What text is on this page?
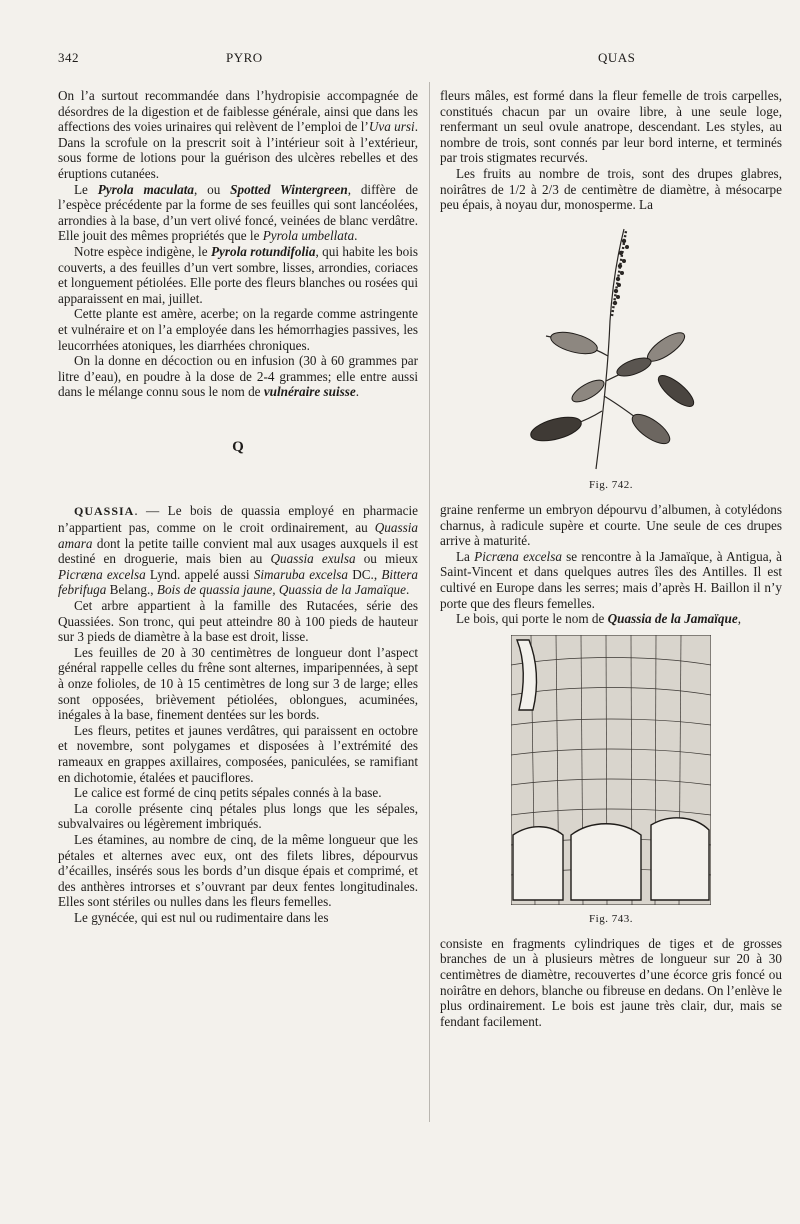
342	PYRO	QUAS

On l’a surtout recommandée dans l’hydropisie accompagnée de désordres de la digestion et de faiblesse générale, ainsi que dans les affections des voies urinaires qui relèvent de l’emploi de l’Uva ursi. Dans la scrofule on la prescrit soit à l’intérieur soit à l’extérieur, sous forme de lotions pour la guérison des ulcères rebelles et des éruptions cutanées.

Le Pyrola maculata, ou Spotted Wintergreen, diffère de l’espèce précédente par la forme de ses feuilles qui sont lancéolées, arrondies à la base, d’un vert olivé foncé, veinées de blanc verdâtre. Elle jouit des mêmes propriétés que le Pyrola umbellata.

Notre espèce indigène, le Pyrola rotundifolia, qui habite les bois couverts, a des feuilles d’un vert sombre, lisses, arrondies, coriaces et longuement pétiolées. Elle porte des fleurs blanches ou rosées qui apparaissent en mai, juillet.

Cette plante est amère, acerbe; on la regarde comme astringente et vulnéraire et on l’a employée dans les hémorrhagies passives, les leucorrhées atoniques, les diarrhées chroniques.

On la donne en décoction ou en infusion (30 à 60 grammes par litre d’eau), en poudre à la dose de 2-4 grammes; elle entre aussi dans le mélange connu sous le nom de vulnéraire suisse.

Q

QUASSIA. — Le bois de quassia employé en pharmacie n’appartient pas, comme on le croit ordinairement, au Quassia amara dont la petite taille convient mal aux usages auxquels il est destiné en droguerie, mais bien au Quassia exulsa ou mieux Picræna excelsa Lynd. appelé aussi Simaruba excelsa DC., Bittera febrifuga Belang., Bois de quassia jaune, Quassia de la Jamaïque.

Cet arbre appartient à la famille des Rutacées, série des Quassiées. Son tronc, qui peut atteindre 80 à 100 pieds de hauteur sur 3 pieds de diamètre à la base est droit, lisse.

Les feuilles de 20 à 30 centimètres de longueur dont l’aspect général rappelle celles du frêne sont alternes, imparipennées, à sept à onze folioles, de 10 à 15 centimètres de long sur 3 de large; elles sont opposées, brièvement pétiolées, oblongues, acuminées, inégales à la base, finement dentées sur les bords.

Les fleurs, petites et jaunes verdâtres, qui paraissent en octobre et novembre, sont polygames et disposées à l’extrémité des rameaux en grappes axillaires, composées, paniculées, se ramifiant en dichotomie, étalées et pauciflores.

Le calice est formé de cinq petits sépales connés à la base.

La corolle présente cinq pétales plus longs que les sépales, subvalvaires ou légèrement imbriqués.

Les étamines, au nombre de cinq, de la même longueur que les pétales et alternes avec eux, ont des filets libres, dépourvus d’écailles, insérés sous les bords d’un disque épais et comprimé, et des anthères introrses et s’ouvrant par deux fentes longitudinales. Elles sont stériles ou nulles dans les fleurs femelles.

Le gynécée, qui est nul ou rudimentaire dans les

fleurs mâles, est formé dans la fleur femelle de trois carpelles, constitués chacun par un ovaire libre, à une seule loge, renfermant un seul ovule anatrope, descendant. Les styles, au nombre de trois, sont connés par leur bord interne, et terminés par trois stigmates recurvés.

Les fruits au nombre de trois, sont des drupes glabres, noirâtres de 1/2 à 2/3 de centimètre de diamètre, à mésocarpe peu épais, à noyau dur, monosperme. La

Fig. 742.

graine renferme un embryon dépourvu d’albumen, à cotylédons charnus, à radicule supère et courte. Une seule de ces drupes arrive à maturité.

La Picræna excelsa se rencontre à la Jamaïque, à Antigua, à Saint-Vincent et dans quelques autres îles des Antilles. Il est cultivé en Europe dans les serres; mais d’après H. Baillon il n’y porte que des fleurs femelles.

Le bois, qui porte le nom de Quassia de la Jamaïque,

Fig. 743.

consiste en fragments cylindriques de tiges et de grosses branches de un à plusieurs mètres de longueur sur 20 à 30 centimètres de diamètre, recouvertes d’une écorce gris foncé ou noirâtre en dehors, blanche ou fibreuse en dedans. On l’enlève le plus ordinairement. Le bois est jaune très clair, dur, mais se fendant facilement.
